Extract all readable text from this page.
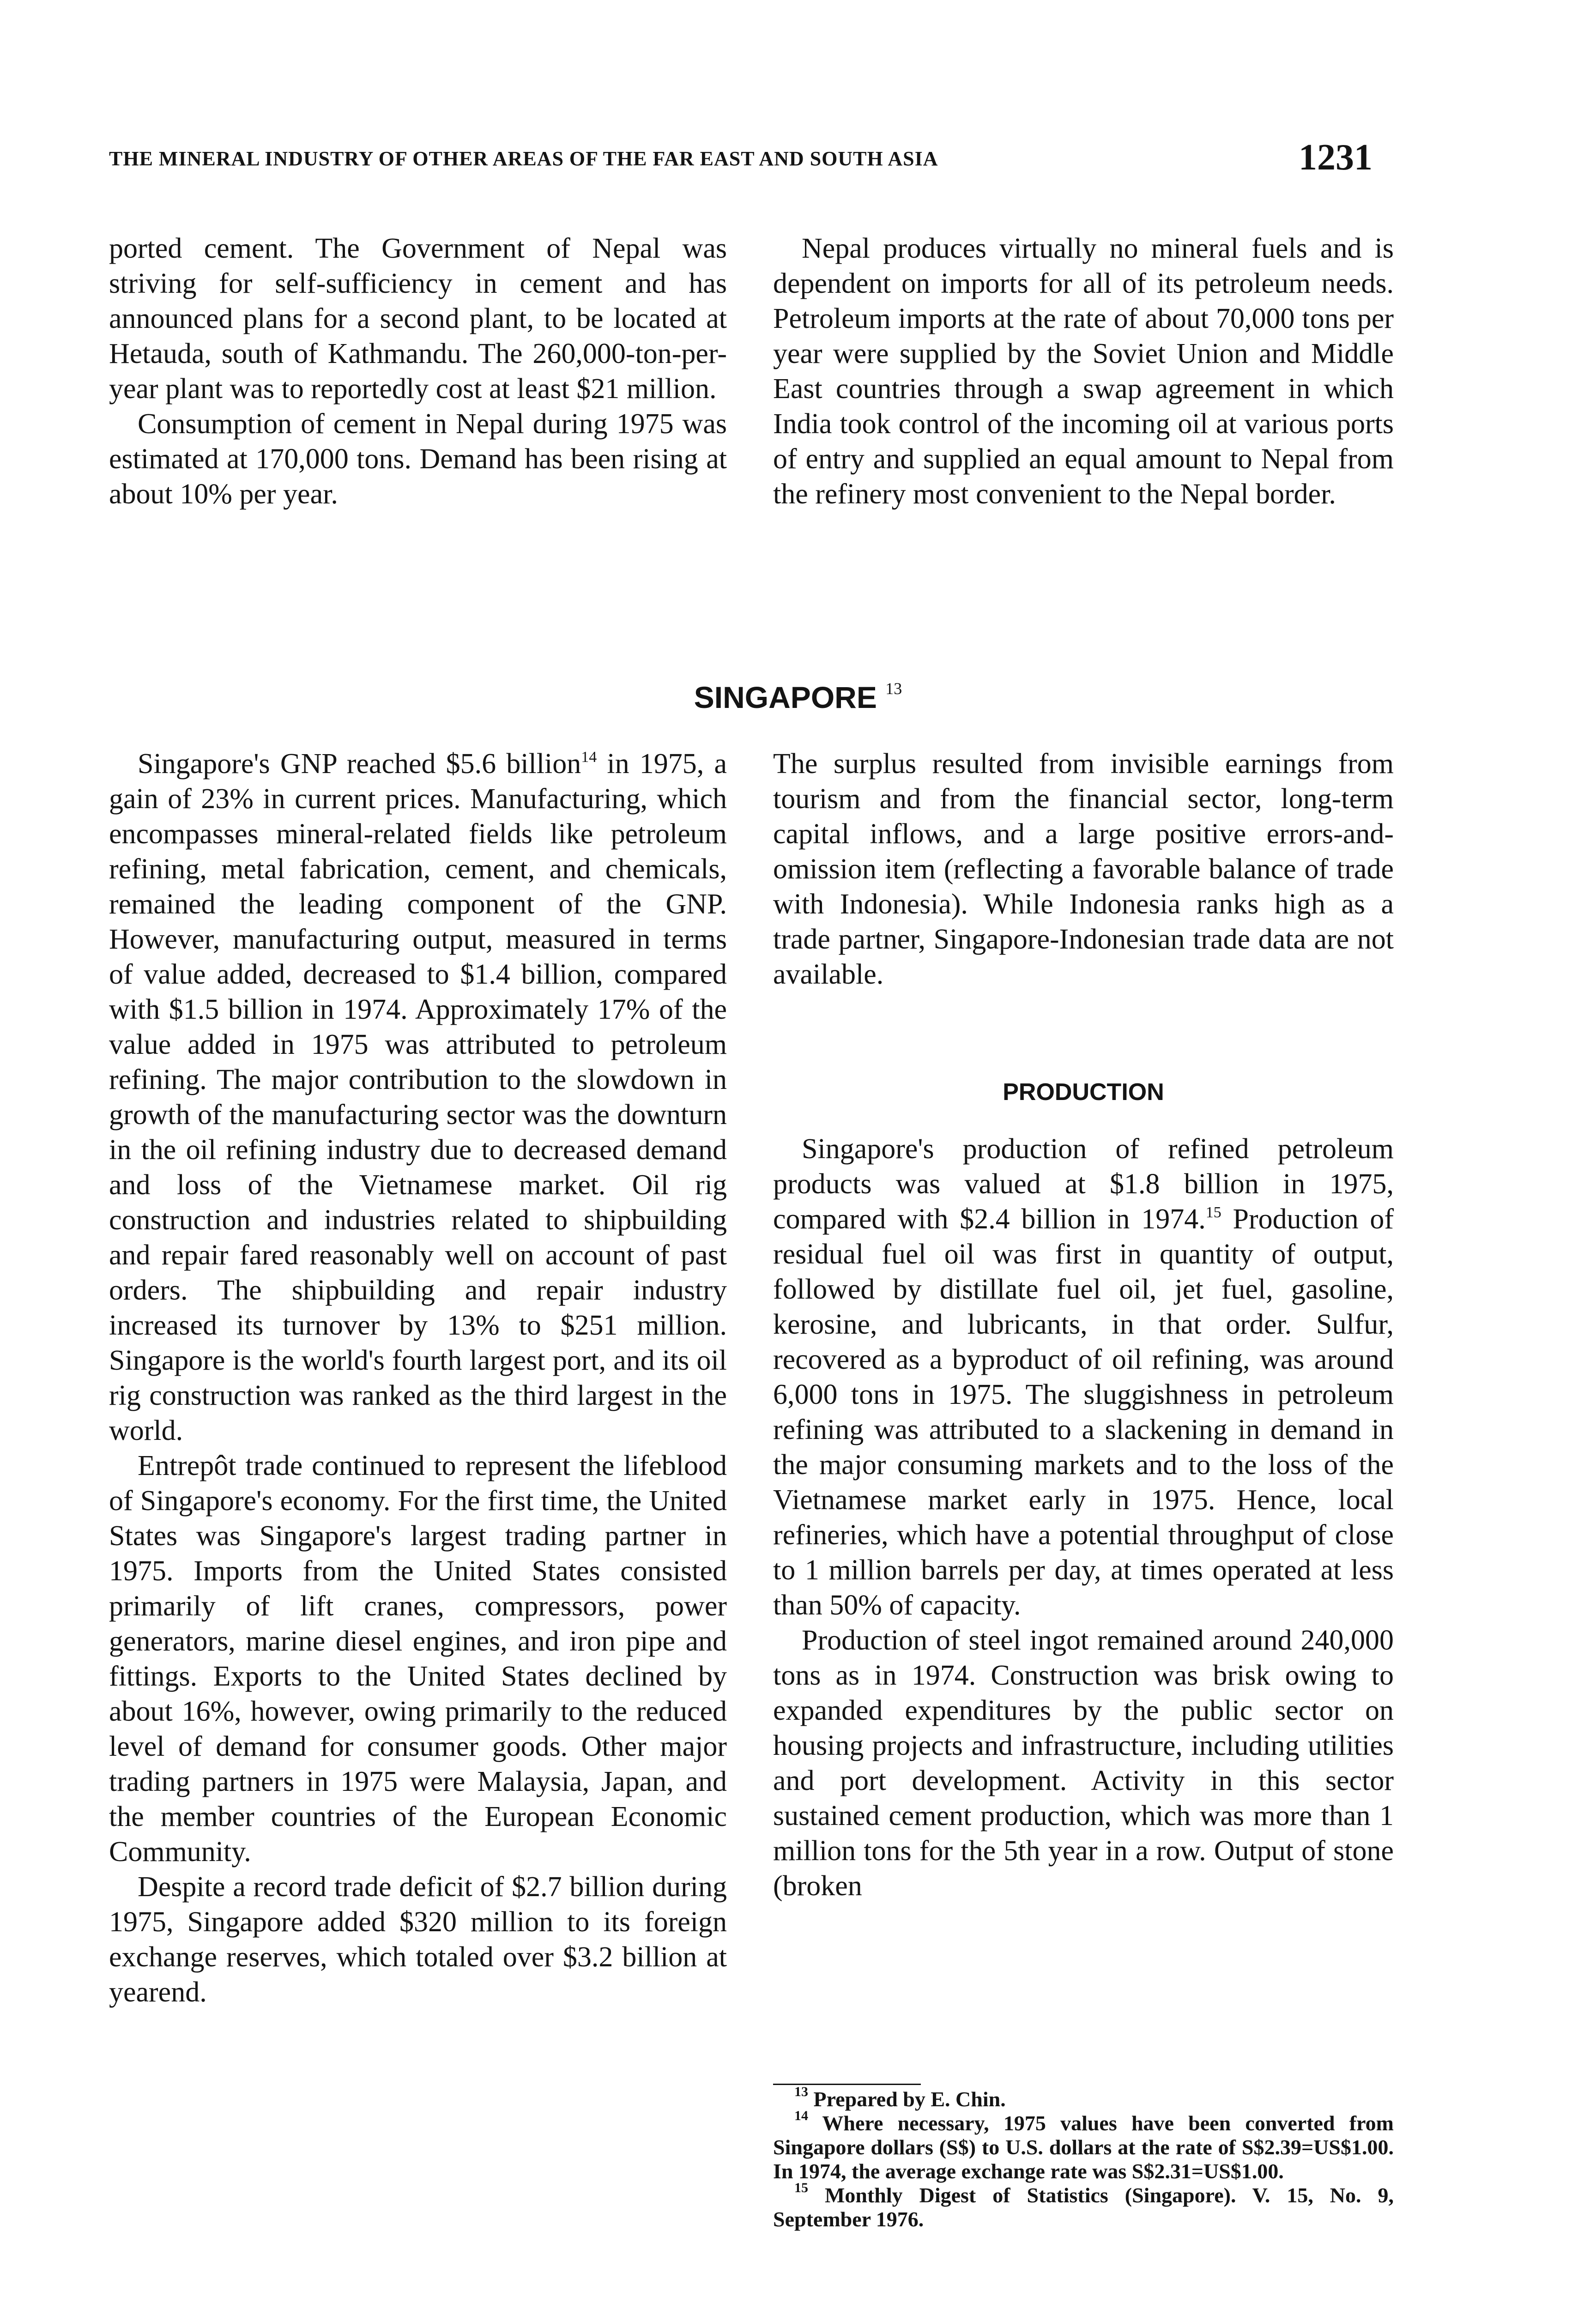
THE MINERAL INDUSTRY OF OTHER AREAS OF THE FAR EAST AND SOUTH ASIA	1231

ported cement. The Government of Nepal was striving for self-sufficiency in cement and has announced plans for a second plant, to be located at Hetauda, south of Kathmandu. The 260,000-ton-per-year plant was to reportedly cost at least $21 million.

Consumption of cement in Nepal during 1975 was estimated at 170,000 tons. Demand has been rising at about 10% per year.

Nepal produces virtually no mineral fuels and is dependent on imports for all of its petroleum needs. Petroleum imports at the rate of about 70,000 tons per year were supplied by the Soviet Union and Middle East countries through a swap agreement in which India took control of the incoming oil at various ports of entry and supplied an equal amount to Nepal from the refinery most convenient to the Nepal border.

SINGAPORE $^{13}$

Singapore's GNP reached $5.6 billion$^{14}$ in 1975, a gain of 23% in current prices. Manufacturing, which encompasses mineral-related fields like petroleum refining, metal fabrication, cement, and chemicals, remained the leading component of the GNP. However, manufacturing output, measured in terms of value added, decreased to $1.4 billion, compared with $1.5 billion in 1974. Approximately 17% of the value added in 1975 was attributed to petroleum refining. The major contribution to the slowdown in growth of the manufacturing sector was the downturn in the oil refining industry due to decreased demand and loss of the Vietnamese market. Oil rig construction and industries related to shipbuilding and repair fared reasonably well on account of past orders. The shipbuilding and repair industry increased its turnover by 13% to $251 million. Singapore is the world's fourth largest port, and its oil rig construction was ranked as the third largest in the world.

Entrepôt trade continued to represent the lifeblood of Singapore's economy. For the first time, the United States was Singapore's largest trading partner in 1975. Imports from the United States consisted primarily of lift cranes, compressors, power generators, marine diesel engines, and iron pipe and fittings. Exports to the United States declined by about 16%, however, owing primarily to the reduced level of demand for consumer goods. Other major trading partners in 1975 were Malaysia, Japan, and the member countries of the European Economic Community.

Despite a record trade deficit of $2.7 billion during 1975, Singapore added $320 million to its foreign exchange reserves, which totaled over $3.2 billion at yearend.

The surplus resulted from invisible earnings from tourism and from the financial sector, long-term capital inflows, and a large positive errors-and-omission item (reflecting a favorable balance of trade with Indonesia). While Indonesia ranks high as a trade partner, Singapore-Indonesian trade data are not available.

PRODUCTION

Singapore's production of refined petroleum products was valued at $1.8 billion in 1975, compared with $2.4 billion in 1974.15 Production of residual fuel oil was first in quantity of output, followed by distillate fuel oil, jet fuel, gasoline, kerosine, and lubricants, in that order. Sulfur, recovered as a byproduct of oil refining, was around 6,000 tons in 1975. The sluggishness in petroleum refining was attributed to a slackening in demand in the major consuming markets and to the loss of the Vietnamese market early in 1975. Hence, local refineries, which have a potential throughput of close to 1 million barrels per day, at times operated at less than 50% of capacity.

Production of steel ingot remained around 240,000 tons as in 1974. Construction was brisk owing to expanded expenditures by the public sector on housing projects and infrastructure, including utilities and port development. Activity in this sector sustained cement production, which was more than 1 million tons for the 5th year in a row. Output of stone (broken

$^{13}$ Prepared by E. Chin.

$^{14}$ Where necessary, 1975 values have been converted from Singapore dollars (S$) to U.S. dollars at the rate of S$2.39=US$1.00. In 1974, the average exchange rate was S$2.31=US$1.00.

$^{15}$ Monthly Digest of Statistics (Singapore). V. 15, No. 9, September 1976.
